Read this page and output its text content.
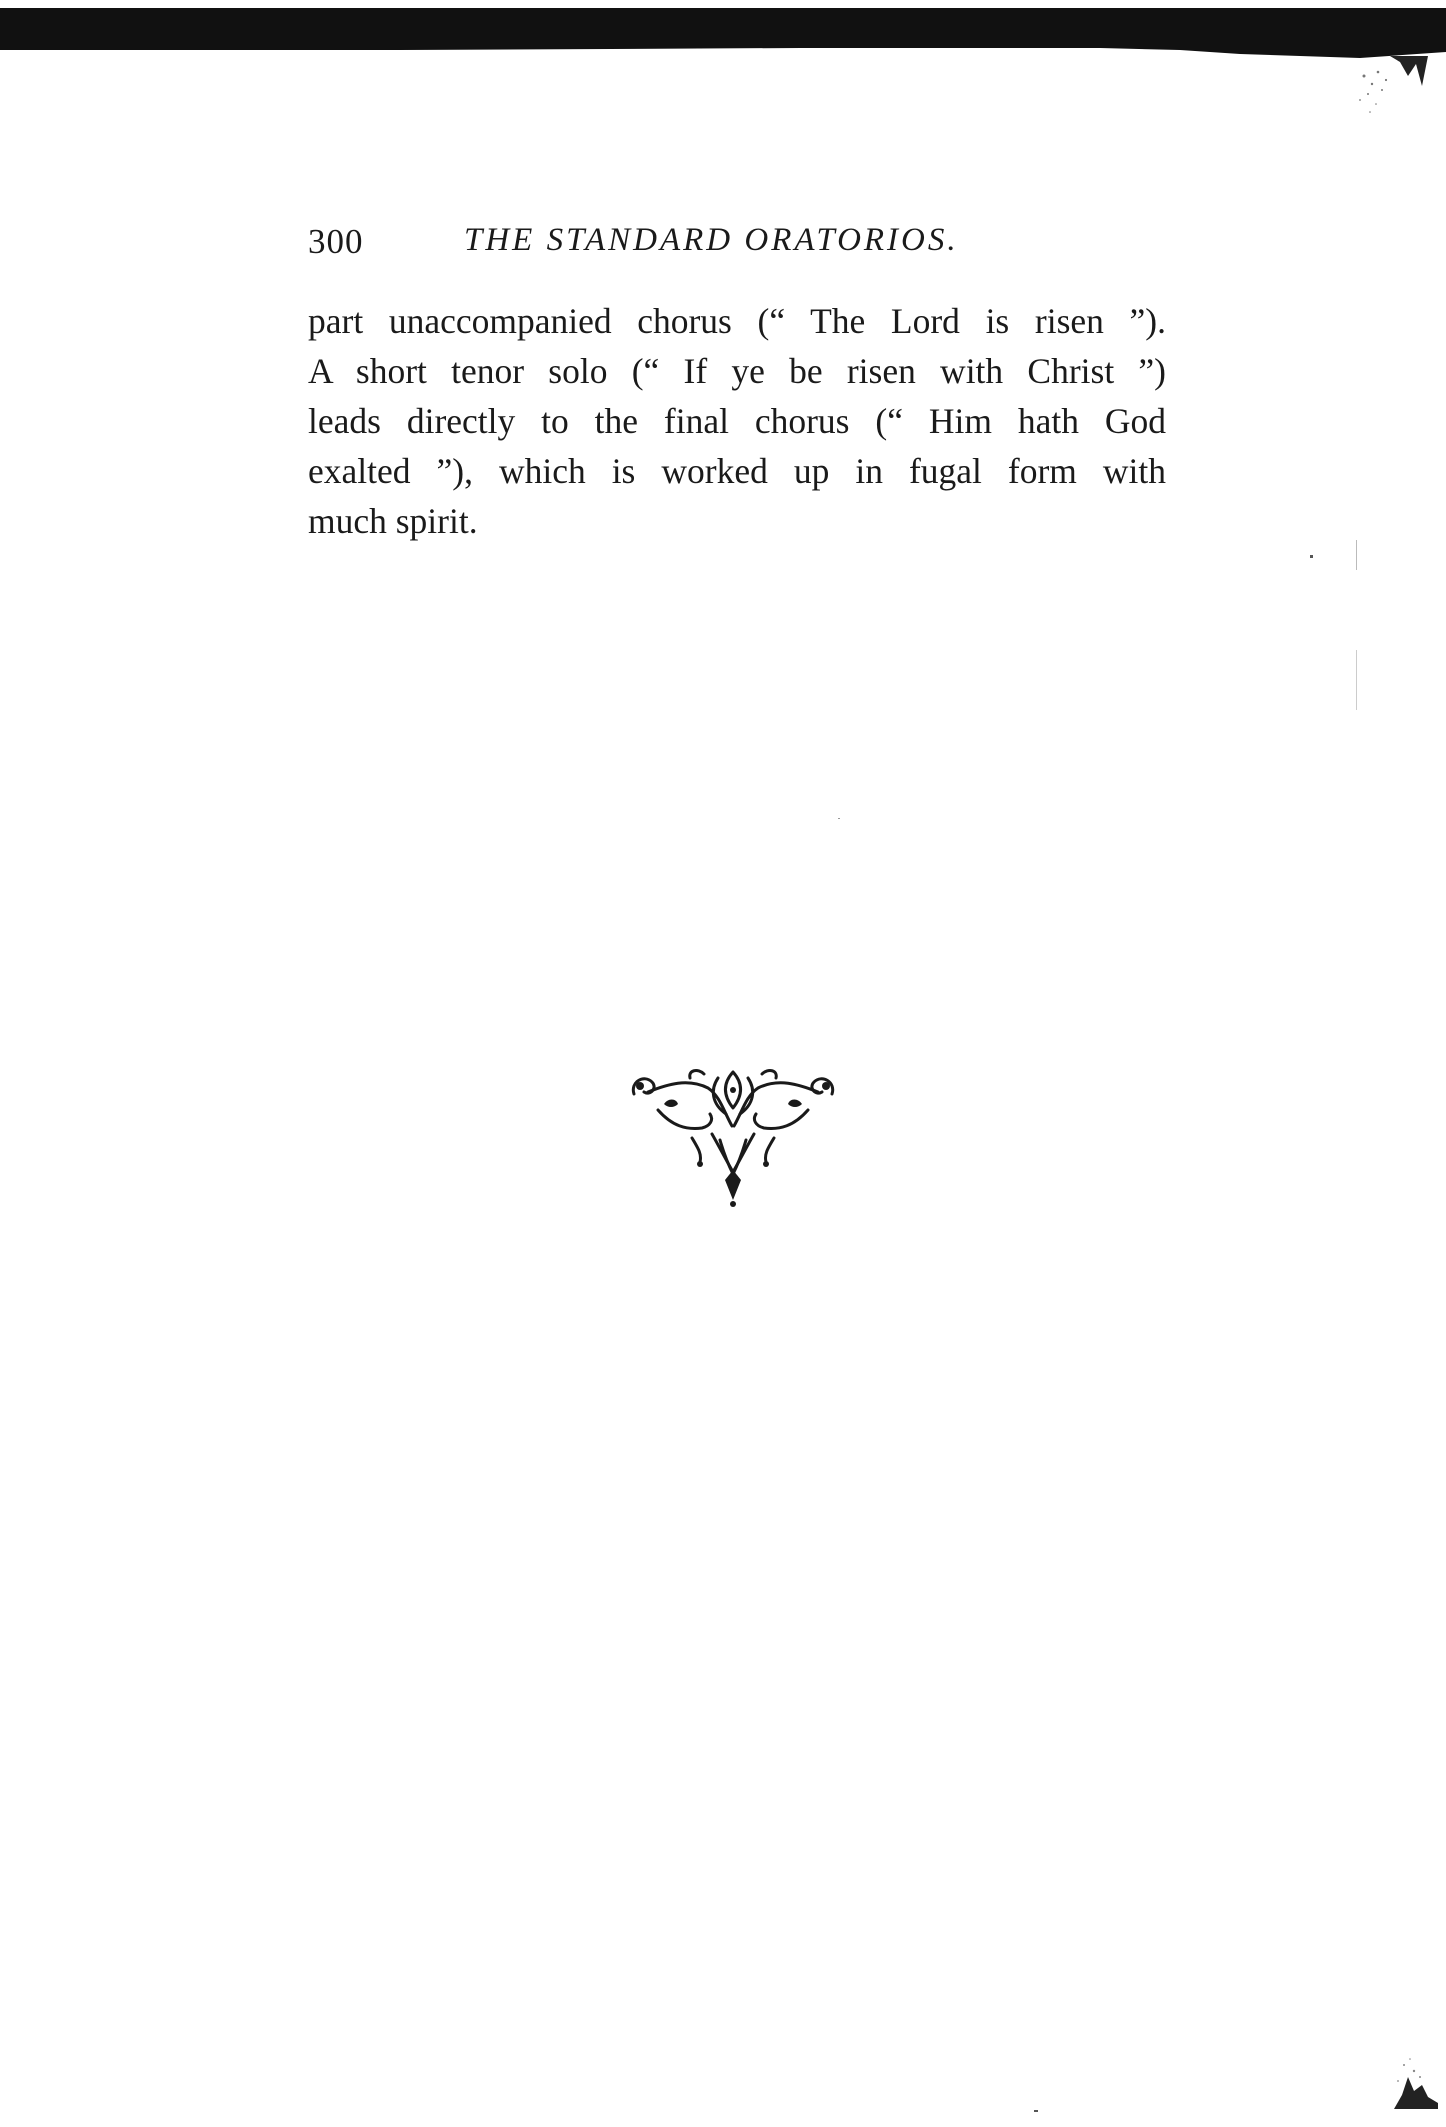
300	THE STANDARD ORATORIOS.
part unaccompanied chorus (“ The Lord is risen ”).
A short tenor solo (“ If ye be risen with Christ ”)
leads directly to the final chorus (“ Him hath God
exalted ”), which is worked up in fugal form with
much spirit.
